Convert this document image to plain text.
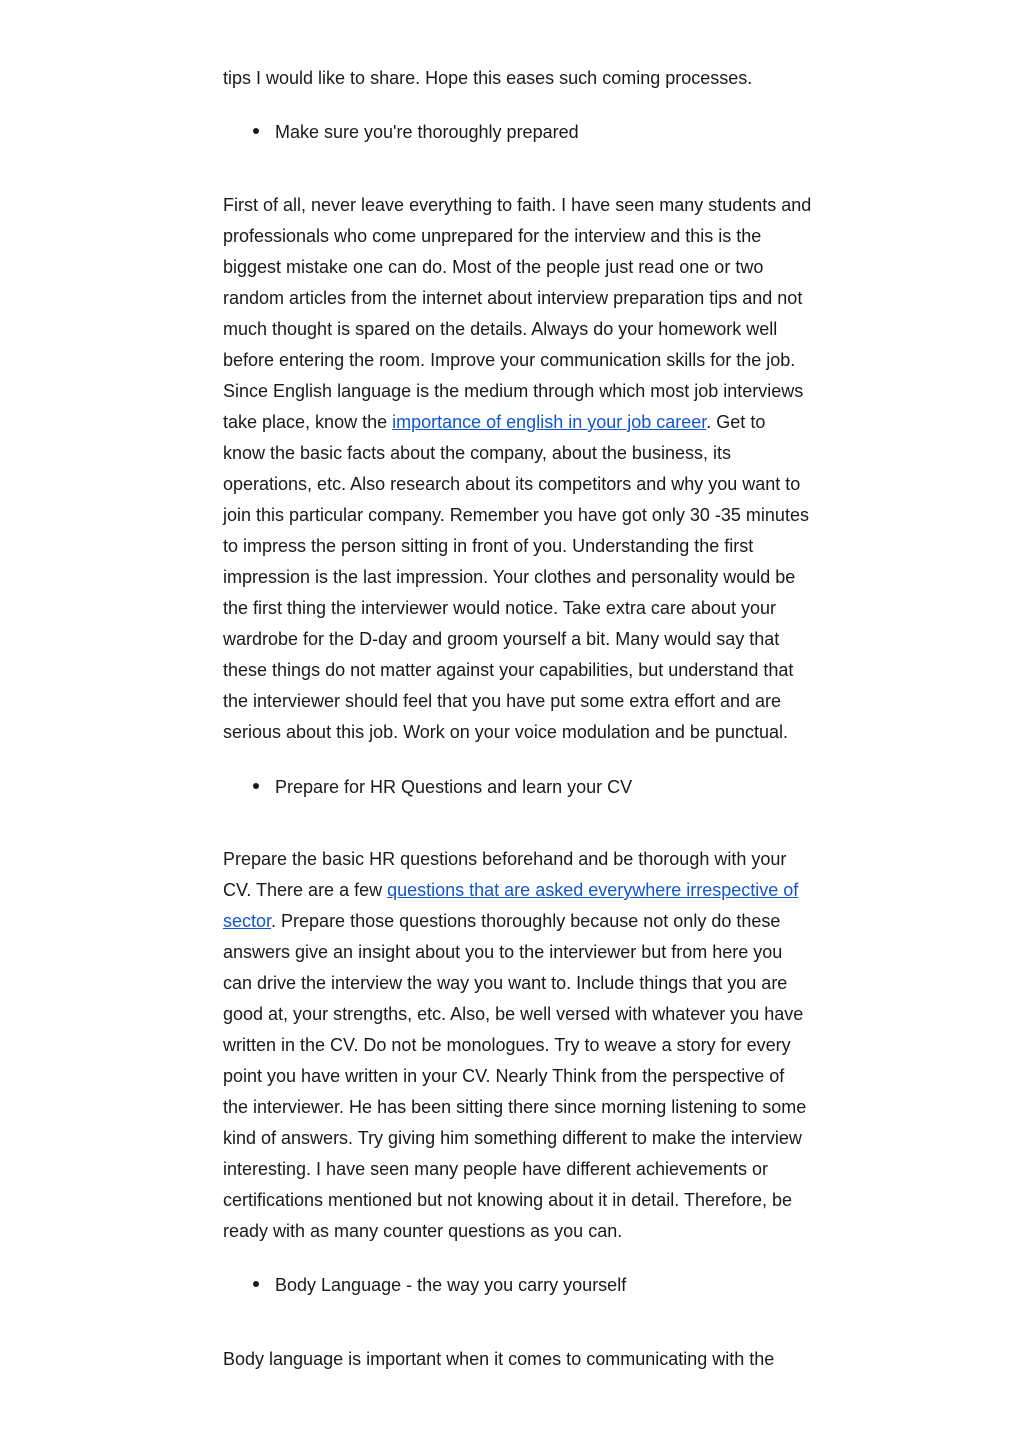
tips I would like to share. Hope this eases such coming processes.

Make sure you're thoroughly prepared

First of all, never leave everything to faith. I have seen many students and
professionals who come unprepared for the interview and this is the
biggest mistake one can do. Most of the people just read one or two
random articles from the internet about interview preparation tips and not
much thought is spared on the details. Always do your homework well
before entering the room. Improve your communication skills for the job.
Since English language is the medium through which most job interviews
take place, know the importance of english in your job career. Get to
know the basic facts about the company, about the business, its
operations, etc. Also research about its competitors and why you want to
join this particular company. Remember you have got only 30 -35 minutes
to impress the person sitting in front of you. Understanding the first
impression is the last impression. Your clothes and personality would be
the first thing the interviewer would notice. Take extra care about your
wardrobe for the D-day and groom yourself a bit. Many would say that
these things do not matter against your capabilities, but understand that
the interviewer should feel that you have put some extra effort and are
serious about this job. Work on your voice modulation and be punctual.

Prepare for HR Questions and learn your CV

Prepare the basic HR questions beforehand and be thorough with your
CV. There are a few questions that are asked everywhere irrespective of
sector. Prepare those questions thoroughly because not only do these
answers give an insight about you to the interviewer but from here you
can drive the interview the way you want to. Include things that you are
good at, your strengths, etc. Also, be well versed with whatever you have
written in the CV. Do not be monologues. Try to weave a story for every
point you have written in your CV. Nearly Think from the perspective of
the interviewer. He has been sitting there since morning listening to some
kind of answers. Try giving him something different to make the interview
interesting. I have seen many people have different achievements or
certifications mentioned but not knowing about it in detail. Therefore, be
ready with as many counter questions as you can.

Body Language - the way you carry yourself

Body language is important when it comes to communicating with the
